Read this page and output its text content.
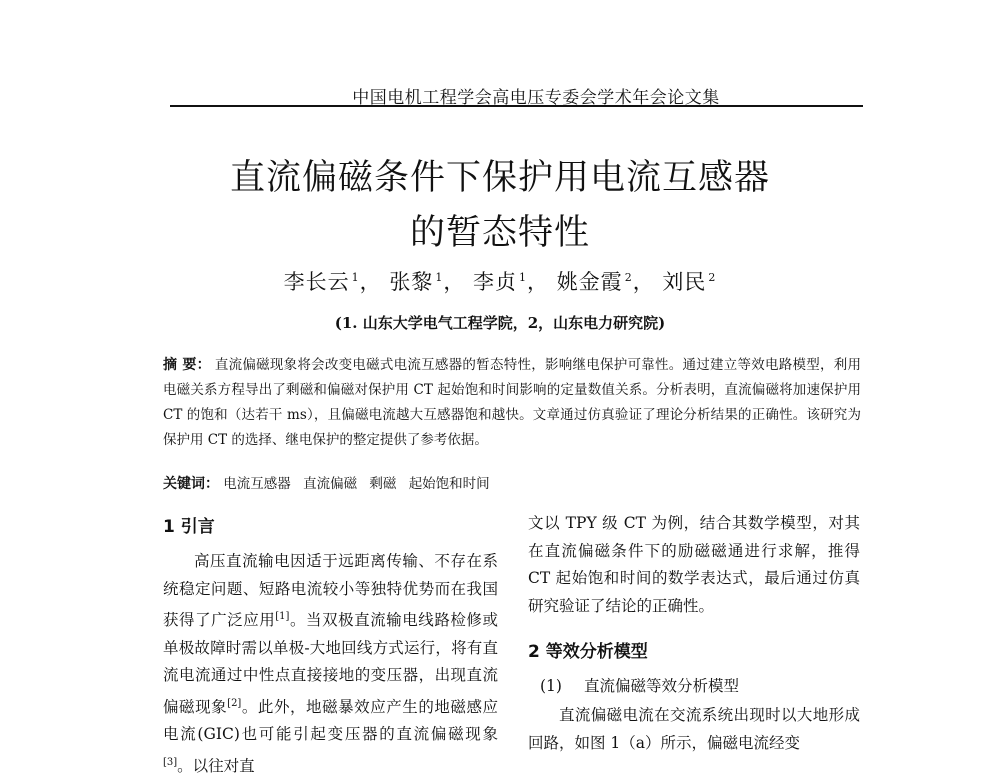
中国电机工程学会高电压专委会学术年会论文集
直流偏磁条件下保护用电流互感器
的暂态特性
李长云 $^1$， 张黎 $^1$， 李贞 $^1$， 姚金霞 $^2$， 刘民 $^2$
(1. 山东大学电气工程学院，2，山东电力研究院)
摘 要： 直流偏磁现象将会改变电磁式电流互感器的暂态特性，影响继电保护可靠性。通过建立等效电路模型，利用电磁关系方程导出了剩磁和偏磁对保护用 CT 起始饱和时间影响的定量数值关系。分析表明，直流偏磁将加速保护用 CT 的饱和（达若干 ms），且偏磁电流越大互感器饱和越快。文章通过仿真验证了理论分析结果的正确性。该研究为保护用 CT 的选择、继电保护的整定提供了参考依据。
关键词： 电流互感器 直流偏磁 剩磁 起始饱和时间
1 引言
高压直流输电因适于远距离传输、不存在系统稳定问题、短路电流较小等独特优势而在我国获得了广泛应用[1]。当双极直流输电线路检修或单极故障时需以单极-大地回线方式运行，将有直流电流通过中性点直接接地的变压器，出现直流偏磁现象[2]。此外，地磁暴效应产生的地磁感应电流(GIC)也可能引起变压器的直流偏磁现象[3]。以往对直
文以 TPY 级 CT 为例，结合其数学模型，对其在直流偏磁条件下的励磁磁通进行求解，推得 CT 起始饱和时间的数学表达式，最后通过仿真研究验证了结论的正确性。
2 等效分析模型
(1) 直流偏磁等效分析模型
直流偏磁电流在交流系统出现时以大地形成回路，如图 1（a）所示，偏磁电流经变
